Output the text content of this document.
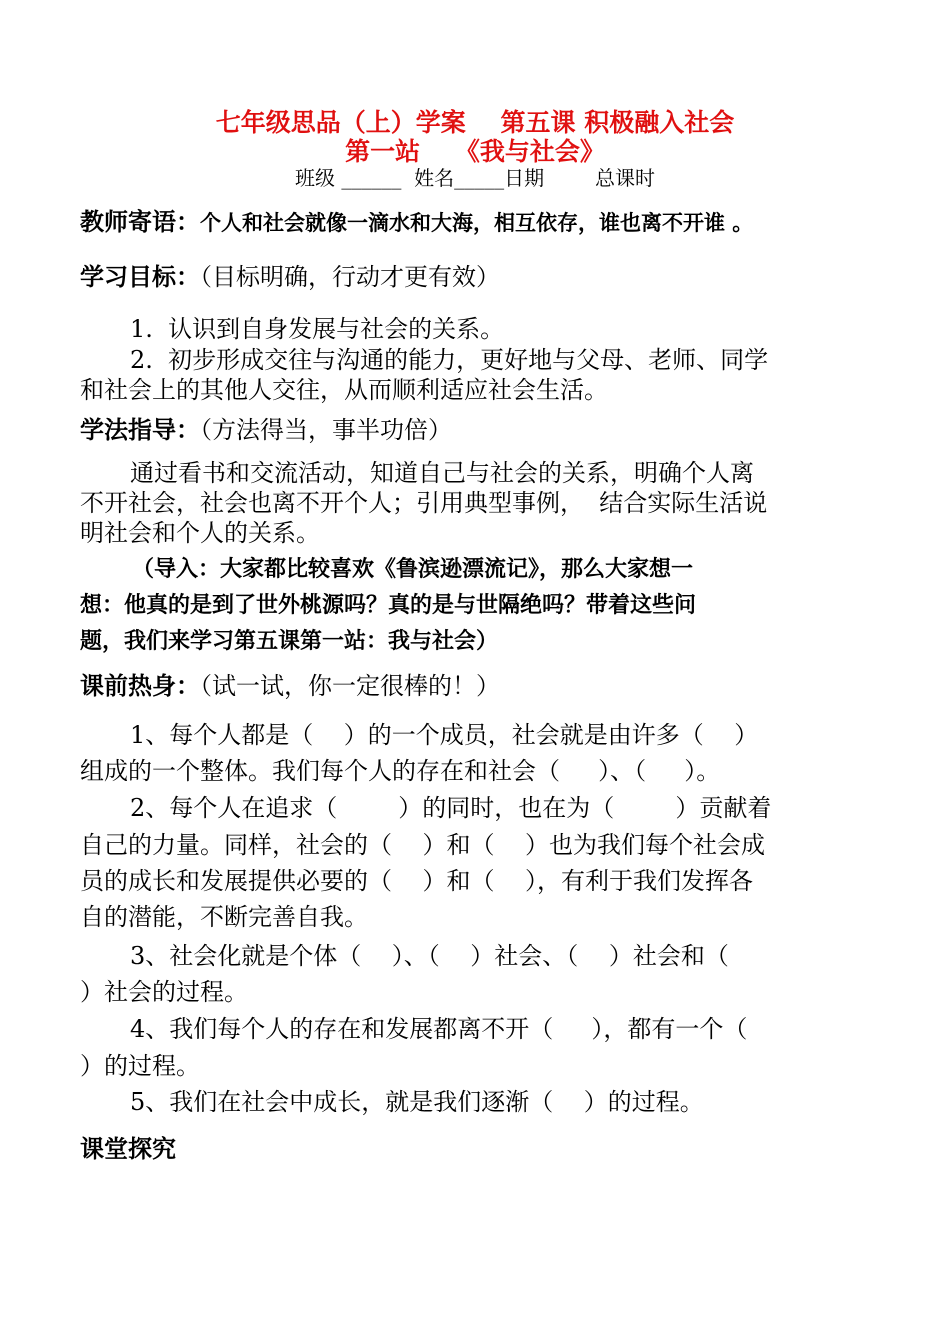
七年级思品（上）学案    第五课 积极融入社会
第一站    《我与社会》
班级 ______  姓名_____日期        总课时
教师寄语：个人和社会就像一滴水和大海，相互依存，谁也离不开谁 。
学习目标：（目标明确，行动才更有效）
1.  认识到自身发展与社会的关系。
2.  初步形成交往与沟通的能力，更好地与父母、老师、同学
和社会上的其他人交往，从而顺利适应社会生活。
学法指导：（方法得当，事半功倍）
通过看书和交流活动，知道自己与社会的关系，明确个人离
不开社会，社会也离不开个人；引用典型事例，  结合实际生活说
明社会和个人的关系。
（导入：大家都比较喜欢《鲁滨逊漂流记》，那么大家想一
想：他真的是到了世外桃源吗？真的是与世隔绝吗？带着这些问
题，我们来学习第五课第一站：我与社会）
课前热身：（试一试，你一定很棒的！）
1、每个人都是（    ）的一个成员，社会就是由许多（    ）
组成的一个整体。我们每个人的存在和社会（     ）、（     ）。
2、每个人在追求（        ）的同时，也在为（        ）贡献着
自己的力量。同样，社会的（    ）和（    ）也为我们每个社会成
员的成长和发展提供必要的（    ）和（    ），有利于我们发挥各
自的潜能，不断完善自我。
3、社会化就是个体（    ）、（    ）社会、（    ）社会和（
）社会的过程。
4、我们每个人的存在和发展都离不开（     ），都有一个（
）的过程。
5、我们在社会中成长，就是我们逐渐（    ）的过程。
课堂探究
